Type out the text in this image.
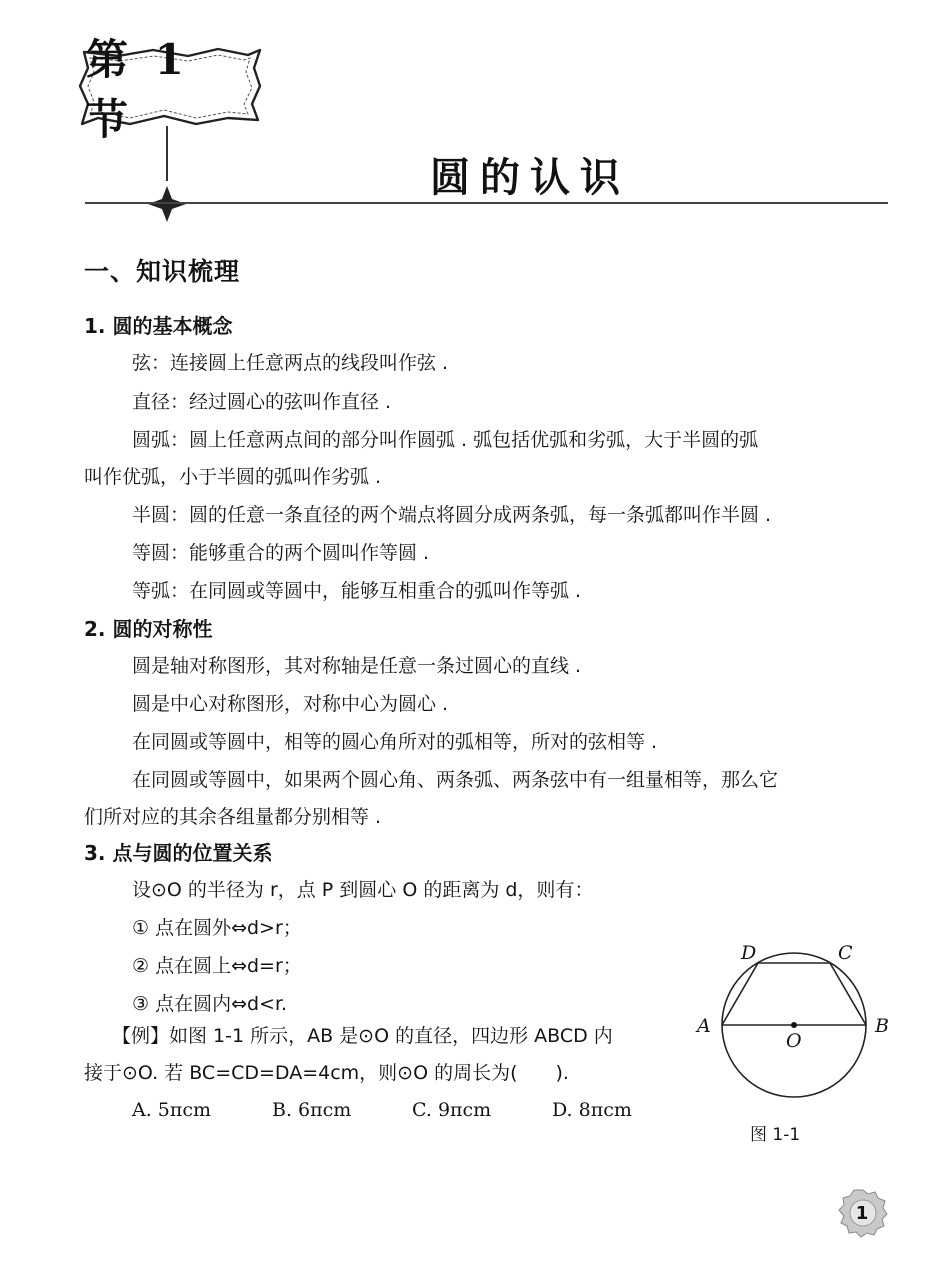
第 1 节
圆的认识
一、知识梳理
1. 圆的基本概念
弦：连接圆上任意两点的线段叫作弦 .
直径：经过圆心的弦叫作直径 .
圆弧：圆上任意两点间的部分叫作圆弧 . 弧包括优弧和劣弧，大于半圆的弧
叫作优弧，小于半圆的弧叫作劣弧 .
半圆：圆的任意一条直径的两个端点将圆分成两条弧，每一条弧都叫作半圆 .
等圆：能够重合的两个圆叫作等圆 .
等弧：在同圆或等圆中，能够互相重合的弧叫作等弧 .
2. 圆的对称性
圆是轴对称图形，其对称轴是任意一条过圆心的直线 .
圆是中心对称图形，对称中心为圆心 .
在同圆或等圆中，相等的圆心角所对的弧相等，所对的弦相等 .
在同圆或等圆中，如果两个圆心角、两条弧、两条弦中有一组量相等，那么它
们所对应的其余各组量都分别相等 .
3. 点与圆的位置关系
设⊙O 的半径为 r，点 P 到圆心 O 的距离为 d，则有：
① 点在圆外⇔d>r；
② 点在圆上⇔d=r；
③ 点在圆内⇔d<r.
【例】如图 1-1 所示，AB 是⊙O 的直径，四边形 ABCD 内
接于⊙O. 若 BC=CD=DA=4cm，则⊙O 的周长为(　　).
A. 5πcm	B. 6πcm	C. 9πcm	D. 8πcm
A	B
C
D
O
图 1-1
1
